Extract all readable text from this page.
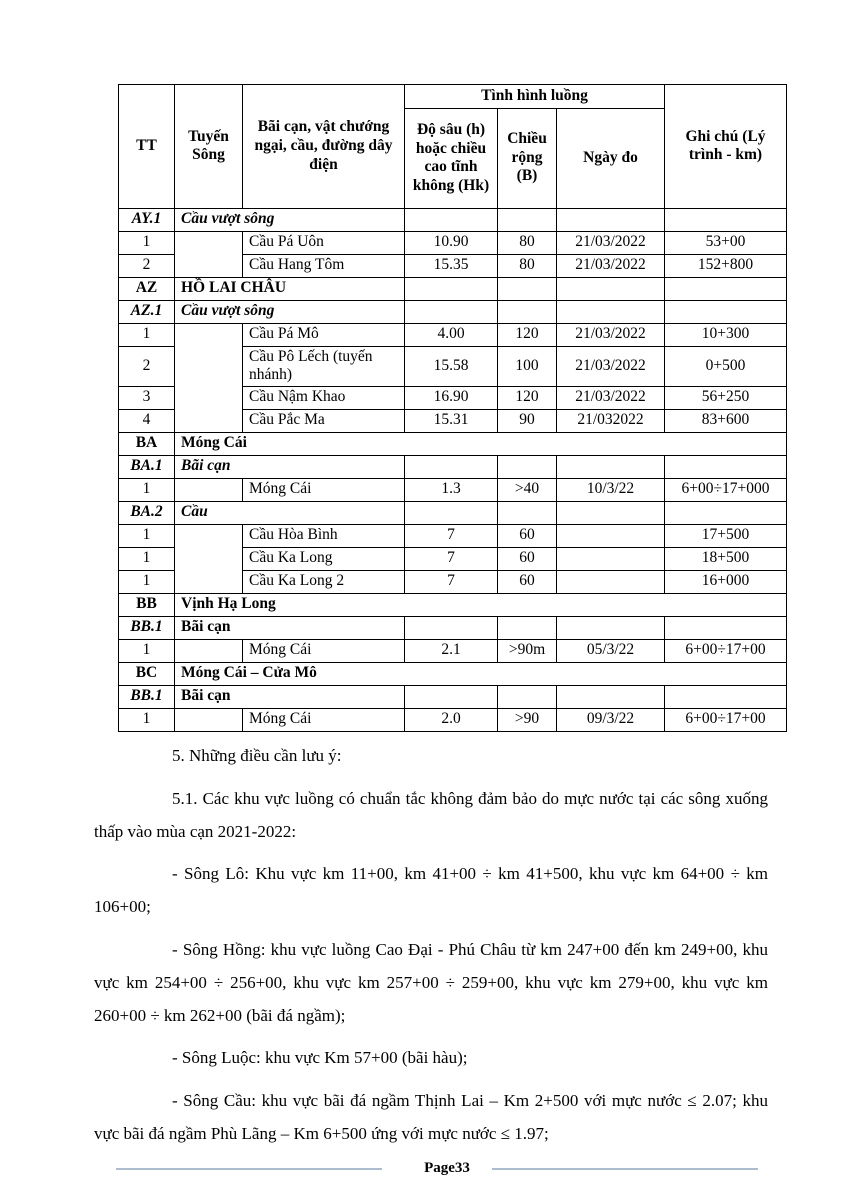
TT	Tuyến Sông	Bãi cạn, vật chướng ngại, cầu, đường dây điện	Tình hình luồng			Ghi chú (Lý trình - km)
			Độ sâu (h) hoặc chiều cao tĩnh không (Hk)	Chiều rộng (B)	Ngày đo	
AY.1	Cầu vượt sông					
1		Cầu Pá Uôn	10.90	80	21/03/2022	53+00
2		Cầu Hang Tôm	15.35	80	21/03/2022	152+800
AZ	HỒ LAI CHÂU					
AZ.1	Cầu vượt sông					
1		Cầu Pá Mô	4.00	120	21/03/2022	10+300
2		Cầu Pô Lếch (tuyến nhánh)	15.58	100	21/03/2022	0+500
3		Cầu Nậm Khao	16.90	120	21/03/2022	56+250
4		Cầu Pắc Ma	15.31	90	21/032022	83+600
BA	Móng Cái					
BA.1	Bãi cạn					
1		Móng Cái	1.3	>40	10/3/22	6+00÷17+000
BA.2	Cầu					
1		Cầu Hòa Bình	7	60		17+500
1		Cầu Ka Long	7	60		18+500
1		Cầu Ka Long 2	7	60		16+000
BB	Vịnh Hạ Long					
BB.1	Bãi cạn					
1		Móng Cái	2.1	>90m	05/3/22	6+00÷17+00
BC	Móng Cái – Cửa Mô					
BB.1	Bãi cạn					
1		Móng Cái	2.0	>90	09/3/22	6+00÷17+00

5. Những điều cần lưu ý:

5.1. Các khu vực luồng có chuẩn tắc không đảm bảo do mực nước tại các sông xuống thấp vào mùa cạn 2021-2022:

- Sông Lô: Khu vực km 11+00, km 41+00 ÷ km 41+500, khu vực km 64+00 ÷ km 106+00;

- Sông Hồng: khu vực luồng Cao Đại - Phú Châu từ km 247+00 đến km 249+00, khu vực km 254+00 ÷ 256+00, khu vực km 257+00 ÷ 259+00, khu vực km 279+00, khu vực km 260+00 ÷ km 262+00 (bãi đá ngầm);

- Sông Luộc: khu vực Km 57+00 (bãi hàu);

- Sông Cầu: khu vực bãi đá ngầm Thịnh Lai – Km 2+500 với mực nước ≤ 2.07; khu vực bãi đá ngầm Phù Lãng – Km 6+500 ứng với mực nước ≤ 1.97;

Page33
